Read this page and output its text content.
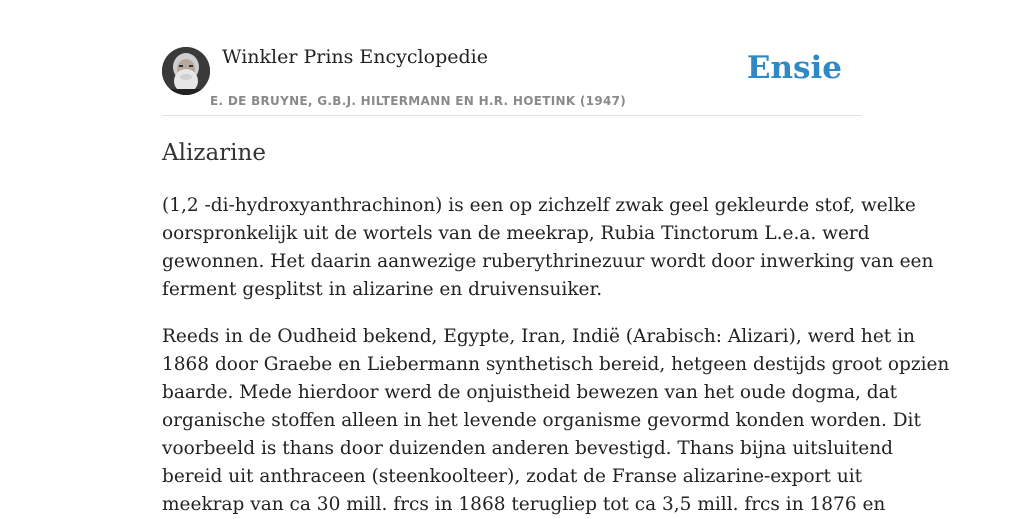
Winkler Prins Encyclopedie
E. DE BRUYNE, G.B.J. HILTERMANN EN H.R. HOETINK (1947)
Ensie
Alizarine

(1,2 -di-hydroxyanthrachinon) is een op zichzelf zwak geel gekleurde stof, welke
oorspronkelijk uit de wortels van de meekrap, Rubia Tinctorum L.e.a. werd
gewonnen. Het daarin aanwezige ruberythrinezuur wordt door inwerking van een
ferment gesplitst in alizarine en druivensuiker.

Reeds in de Oudheid bekend, Egypte, Iran, Indië (Arabisch: Alizari), werd het in
1868 door Graebe en Liebermann synthetisch bereid, hetgeen destijds groot opzien
baarde. Mede hierdoor werd de onjuistheid bewezen van het oude dogma, dat
organische stoffen alleen in het levende organisme gevormd konden worden. Dit
voorbeeld is thans door duizenden anderen bevestigd. Thans bijna uitsluitend
bereid uit anthraceen (steenkoolteer), zodat de Franse alizarine-export uit
meekrap van ca 30 mill. frcs in 1868 terugliep tot ca 3,5 mill. frcs in 1876 en
